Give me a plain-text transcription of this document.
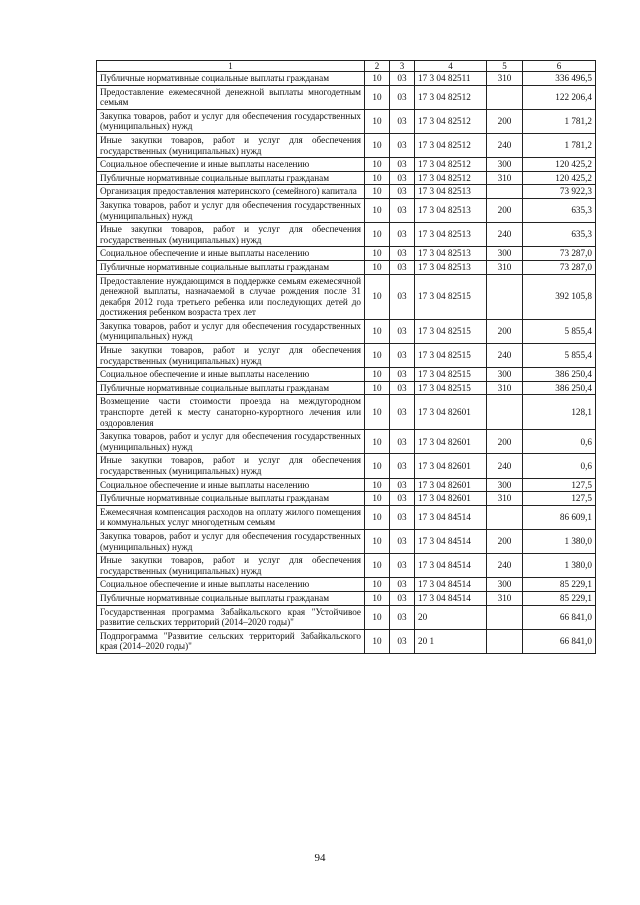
1	2	3	4	5	6
Публичные нормативные социальные выплаты гражданам	10	03	17 3 04 82511	310	336 496,5
Предоставление ежемесячной денежной выплаты многодетным семьям	10	03	17 3 04 82512		122 206,4
Закупка товаров, работ и услуг для обеспечения государственных (муниципальных) нужд	10	03	17 3 04 82512	200	1 781,2
Иные закупки товаров, работ и услуг для обеспечения государственных (муниципальных) нужд	10	03	17 3 04 82512	240	1 781,2
Социальное обеспечение и иные выплаты населению	10	03	17 3 04 82512	300	120 425,2
Публичные нормативные социальные выплаты гражданам	10	03	17 3 04 82512	310	120 425,2
Организация предоставления материнского (семейного) капитала	10	03	17 3 04 82513		73 922,3
Закупка товаров, работ и услуг для обеспечения государственных (муниципальных) нужд	10	03	17 3 04 82513	200	635,3
Иные закупки товаров, работ и услуг для обеспечения государственных (муниципальных) нужд	10	03	17 3 04 82513	240	635,3
Социальное обеспечение и иные выплаты населению	10	03	17 3 04 82513	300	73 287,0
Публичные нормативные социальные выплаты гражданам	10	03	17 3 04 82513	310	73 287,0
Предоставление нуждающимся в поддержке семьям ежемесячной денежной выплаты, назначаемой в случае рождения после 31 декабря 2012 года третьего ребенка или последующих детей до достижения ребенком возраста трех лет	10	03	17 3 04 82515		392 105,8
Закупка товаров, работ и услуг для обеспечения государственных (муниципальных) нужд	10	03	17 3 04 82515	200	5 855,4
Иные закупки товаров, работ и услуг для обеспечения государственных (муниципальных) нужд	10	03	17 3 04 82515	240	5 855,4
Социальное обеспечение и иные выплаты населению	10	03	17 3 04 82515	300	386 250,4
Публичные нормативные социальные выплаты гражданам	10	03	17 3 04 82515	310	386 250,4
Возмещение части стоимости проезда на междугородном транспорте детей к месту санаторно-курортного лечения или оздоровления	10	03	17 3 04 82601		128,1
Закупка товаров, работ и услуг для обеспечения государственных (муниципальных) нужд	10	03	17 3 04 82601	200	0,6
Иные закупки товаров, работ и услуг для обеспечения государственных (муниципальных) нужд	10	03	17 3 04 82601	240	0,6
Социальное обеспечение и иные выплаты населению	10	03	17 3 04 82601	300	127,5
Публичные нормативные социальные выплаты гражданам	10	03	17 3 04 82601	310	127,5
Ежемесячная компенсация расходов на оплату жилого помещения и коммунальных услуг многодетным семьям	10	03	17 3 04 84514		86 609,1
Закупка товаров, работ и услуг для обеспечения государственных (муниципальных) нужд	10	03	17 3 04 84514	200	1 380,0
Иные закупки товаров, работ и услуг для обеспечения государственных (муниципальных) нужд	10	03	17 3 04 84514	240	1 380,0
Социальное обеспечение и иные выплаты населению	10	03	17 3 04 84514	300	85 229,1
Публичные нормативные социальные выплаты гражданам	10	03	17 3 04 84514	310	85 229,1
Государственная программа Забайкальского края "Устойчивое развитие сельских территорий (2014–2020 годы)"	10	03	20		66 841,0
Подпрограмма "Развитие сельских территорий Забайкальского края (2014–2020 годы)"	10	03	20 1		66 841,0
94
